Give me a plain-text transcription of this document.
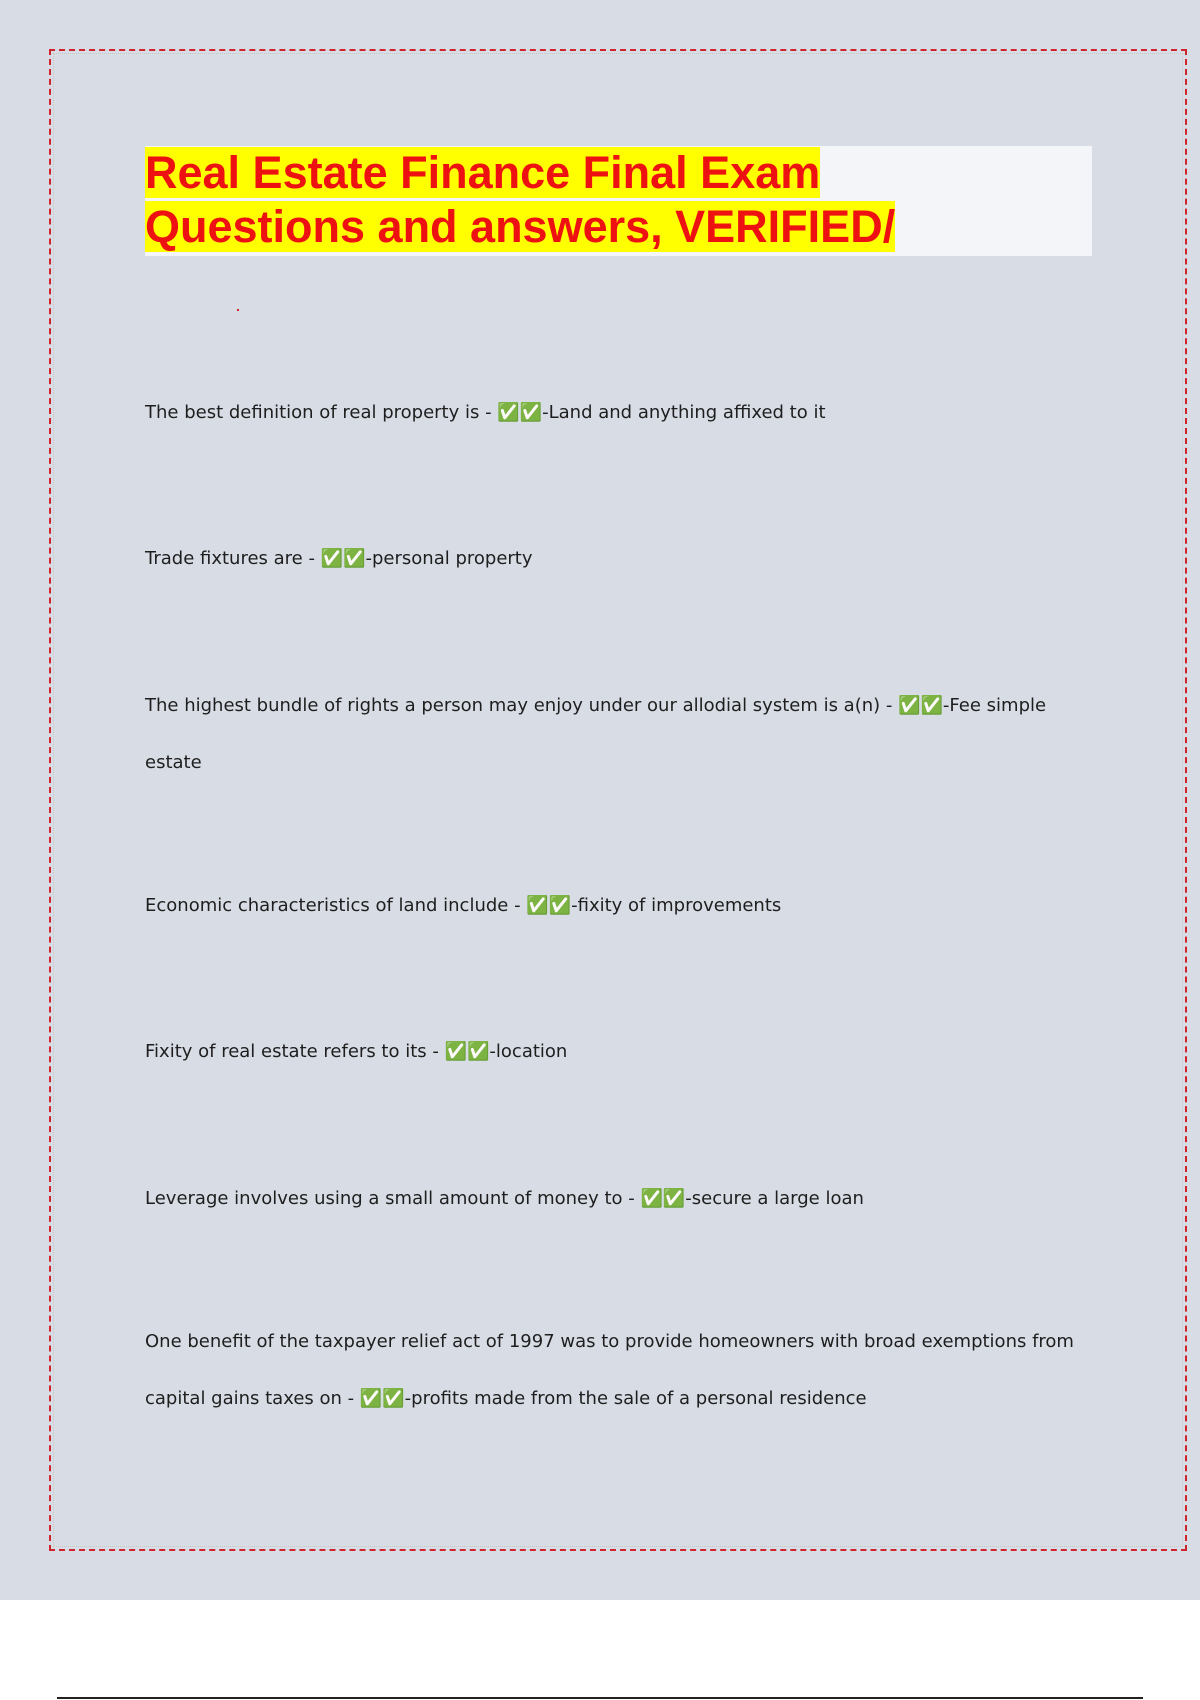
Real Estate Finance Final Exam Questions and answers, VERIFIED/

The best definition of real property is - ✅✅-Land and anything affixed to it

Trade fixtures are - ✅✅-personal property

The highest bundle of rights a person may enjoy under our allodial system is a(n) - ✅✅-Fee simple estate

Economic characteristics of land include - ✅✅-fixity of improvements

Fixity of real estate refers to its - ✅✅-location

Leverage involves using a small amount of money to - ✅✅-secure a large loan

One benefit of the taxpayer relief act of 1997 was to provide homeowners with broad exemptions from capital gains taxes on - ✅✅-profits made from the sale of a personal residence
